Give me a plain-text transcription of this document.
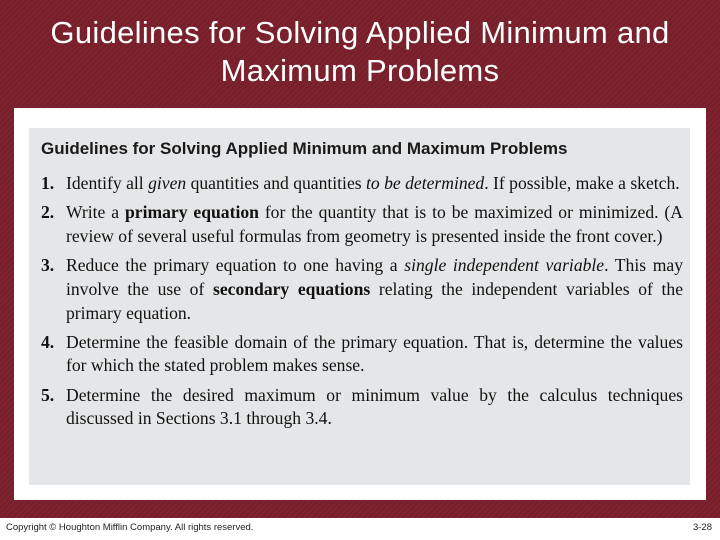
Guidelines for Solving Applied Minimum and Maximum Problems
Guidelines for Solving Applied Minimum and Maximum Problems
1. Identify all given quantities and quantities to be determined. If possible, make a sketch.
2. Write a primary equation for the quantity that is to be maximized or minimized. (A review of several useful formulas from geometry is presented inside the front cover.)
3. Reduce the primary equation to one having a single independent variable. This may involve the use of secondary equations relating the independent variables of the primary equation.
4. Determine the feasible domain of the primary equation. That is, determine the values for which the stated problem makes sense.
5. Determine the desired maximum or minimum value by the calculus techniques discussed in Sections 3.1 through 3.4.
Copyright © Houghton Mifflin Company. All rights reserved.	3-28
